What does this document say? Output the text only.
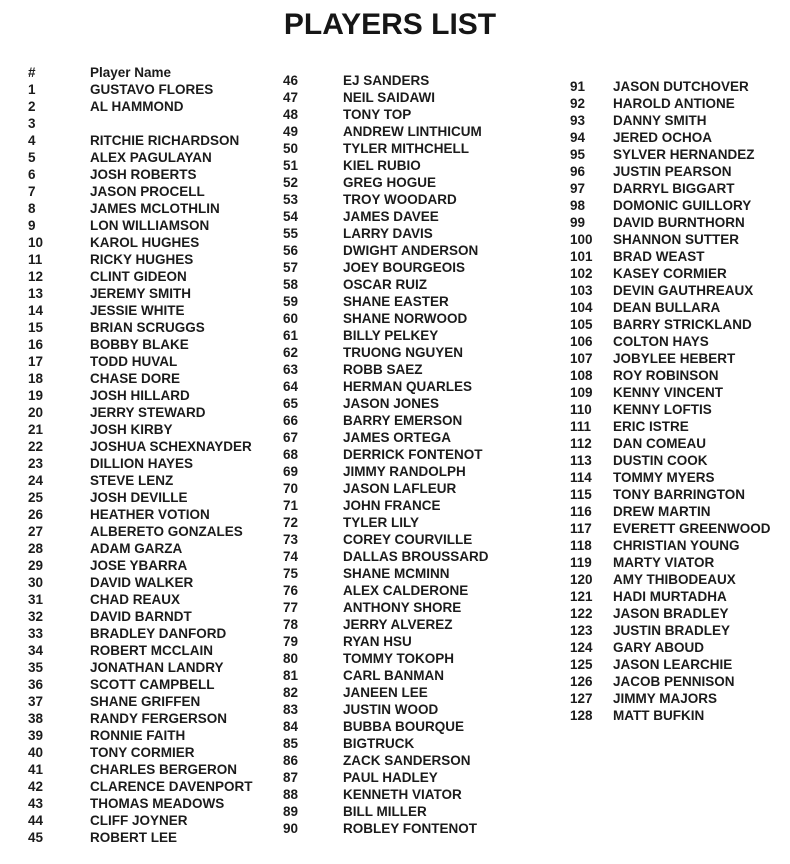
PLAYERS LIST
#	Player Name
1	GUSTAVO FLORES
2	AL HAMMOND
3
4	RITCHIE RICHARDSON
5	ALEX PAGULAYAN
6	JOSH ROBERTS
7	JASON PROCELL
8	JAMES MCLOTHLIN
9	LON WILLIAMSON
10	KAROL HUGHES
11	RICKY HUGHES
12	CLINT GIDEON
13	JEREMY SMITH
14	JESSIE WHITE
15	BRIAN SCRUGGS
16	BOBBY BLAKE
17	TODD HUVAL
18	CHASE DORE
19	JOSH HILLARD
20	JERRY STEWARD
21	JOSH KIRBY
22	JOSHUA SCHEXNAYDER
23	DILLION HAYES
24	STEVE LENZ
25	JOSH DEVILLE
26	HEATHER VOTION
27	ALBERETO GONZALES
28	ADAM GARZA
29	JOSE YBARRA
30	DAVID WALKER
31	CHAD REAUX
32	DAVID BARNDT
33	BRADLEY DANFORD
34	ROBERT MCCLAIN
35	JONATHAN LANDRY
36	SCOTT CAMPBELL
37	SHANE GRIFFEN
38	RANDY FERGERSON
39	RONNIE FAITH
40	TONY CORMIER
41	CHARLES BERGERON
42	CLARENCE DAVENPORT
43	THOMAS MEADOWS
44	CLIFF JOYNER
45	ROBERT LEE
46	EJ SANDERS
47	NEIL SAIDAWI
48	TONY TOP
49	ANDREW LINTHICUM
50	TYLER MITHCHELL
51	KIEL RUBIO
52	GREG HOGUE
53	TROY WOODARD
54	JAMES DAVEE
55	LARRY DAVIS
56	DWIGHT ANDERSON
57	JOEY BOURGEOIS
58	OSCAR RUIZ
59	SHANE EASTER
60	SHANE NORWOOD
61	BILLY PELKEY
62	TRUONG NGUYEN
63	ROBB SAEZ
64	HERMAN QUARLES
65	JASON JONES
66	BARRY EMERSON
67	JAMES ORTEGA
68	DERRICK FONTENOT
69	JIMMY RANDOLPH
70	JASON LAFLEUR
71	JOHN FRANCE
72	TYLER LILY
73	COREY COURVILLE
74	DALLAS BROUSSARD
75	SHANE MCMINN
76	ALEX CALDERONE
77	ANTHONY SHORE
78	JERRY ALVEREZ
79	RYAN HSU
80	TOMMY TOKOPH
81	CARL BANMAN
82	JANEEN LEE
83	JUSTIN WOOD
84	BUBBA BOURQUE
85	BIGTRUCK
86	ZACK SANDERSON
87	PAUL HADLEY
88	KENNETH VIATOR
89	BILL MILLER
90	ROBLEY FONTENOT
91	JASON DUTCHOVER
92	HAROLD ANTIONE
93	DANNY SMITH
94	JERED OCHOA
95	SYLVER HERNANDEZ
96	JUSTIN PEARSON
97	DARRYL BIGGART
98	DOMONIC GUILLORY
99	DAVID BURNTHORN
100	SHANNON SUTTER
101	BRAD WEAST
102	KASEY CORMIER
103	DEVIN GAUTHREAUX
104	DEAN BULLARA
105	BARRY STRICKLAND
106	COLTON HAYS
107	JOBYLEE HEBERT
108	ROY ROBINSON
109	KENNY VINCENT
110	KENNY LOFTIS
111	ERIC ISTRE
112	DAN COMEAU
113	DUSTIN COOK
114	TOMMY MYERS
115	TONY BARRINGTON
116	DREW MARTIN
117	EVERETT GREENWOOD
118	CHRISTIAN YOUNG
119	MARTY VIATOR
120	AMY THIBODEAUX
121	HADI MURTADHA
122	JASON BRADLEY
123	JUSTIN BRADLEY
124	GARY ABOUD
125	JASON LEARCHIE
126	JACOB PENNISON
127	JIMMY MAJORS
128	MATT BUFKIN
